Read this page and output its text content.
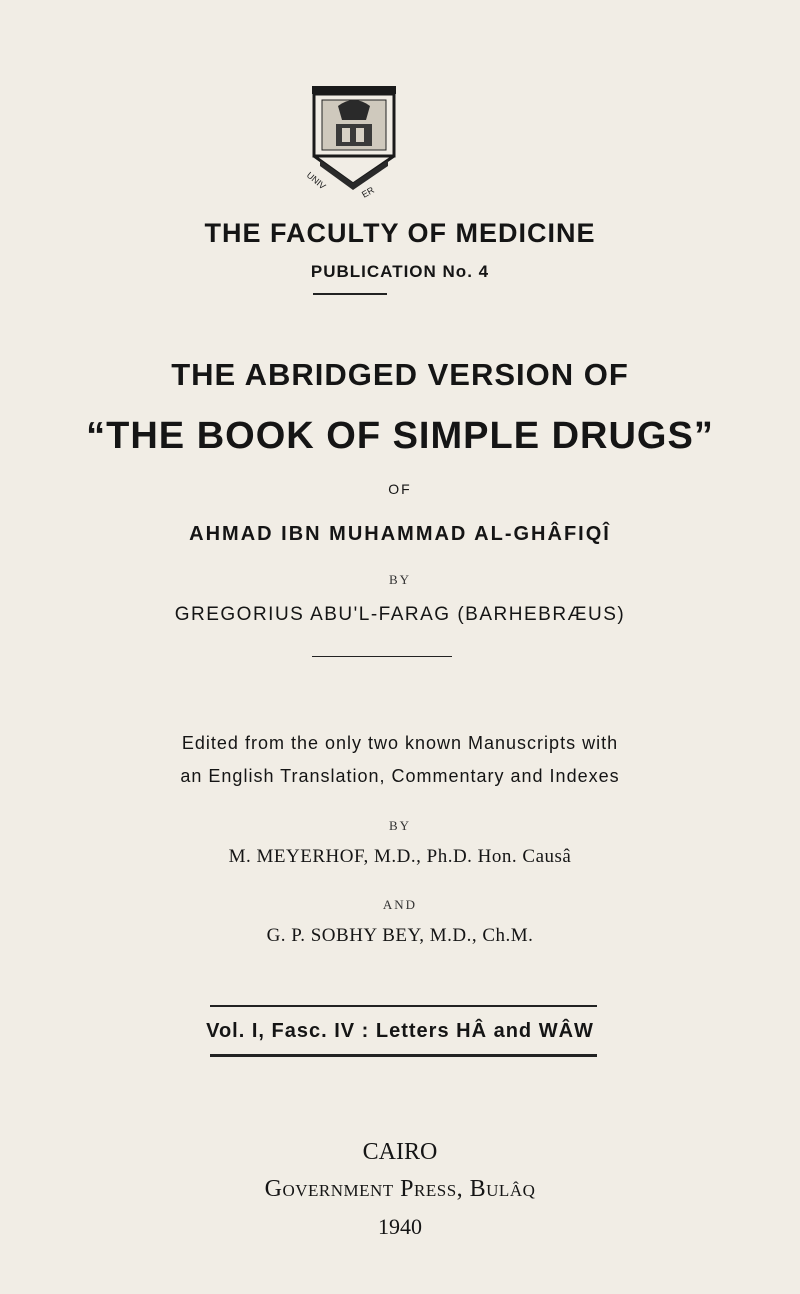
UNIV
ER

THE FACULTY OF MEDICINE

PUBLICATION No. 4

THE ABRIDGED VERSION OF

“THE BOOK OF SIMPLE DRUGS”

OF

AHMAD IBN MUHAMMAD AL-GHÂFIQÎ

BY

GREGORIUS ABU'L-FARAG (BARHEBRÆUS)

Edited from the only two known Manuscripts with

an English Translation, Commentary and Indexes

BY

M. MEYERHOF, M.D., Ph.D. Hon. Causâ

AND

G. P. SOBHY BEY, M.D., Ch.M.

Vol. I, Fasc. IV : Letters HÂ and WÂW

CAIRO

Government Press, Bulâq

1940
